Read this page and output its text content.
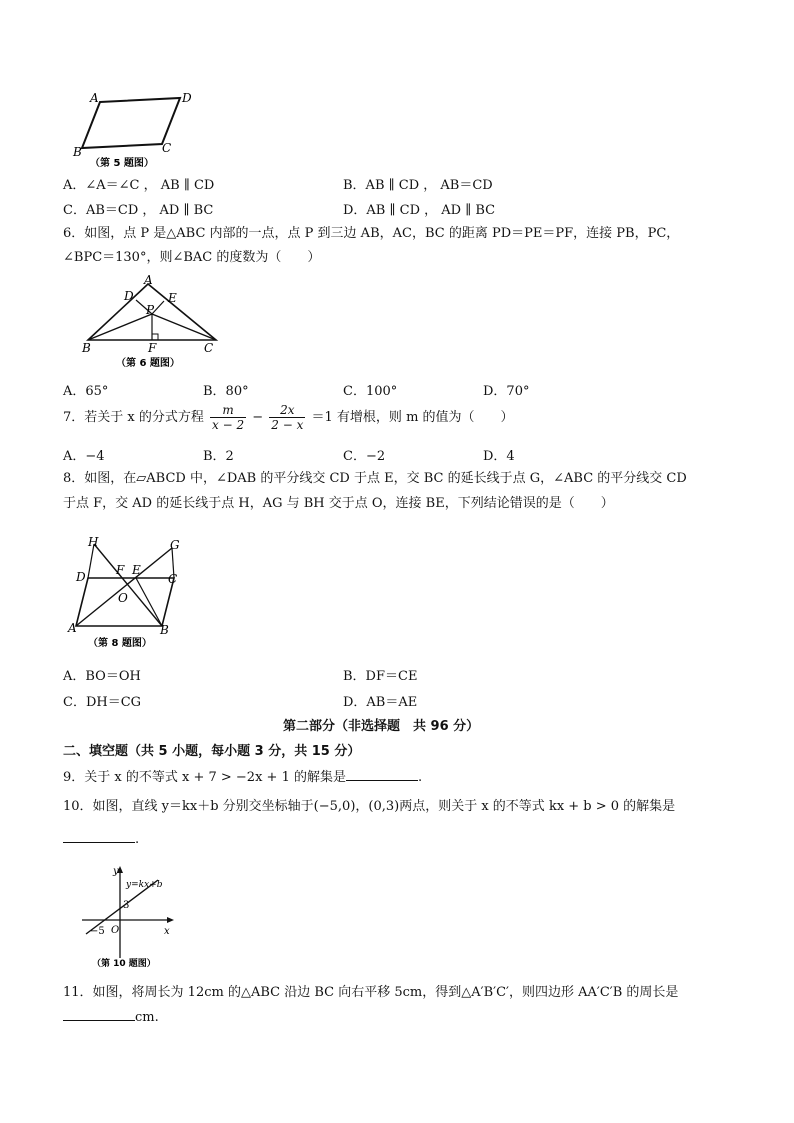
A	D
B	C
（第 5 题图）
A．∠A＝∠C ， AB ∥ CD	B．AB ∥ CD ， AB＝CD
C．AB＝CD ， AD ∥ BC	D．AB ∥ CD ， AD ∥ BC
6．如图，点 P 是△ABC 内部的一点，点 P 到三边 AB，AC，BC 的距离 PD＝PE＝PF，连接 PB，PC，
∠BPC＝130°，则∠BAC 的度数为（　　）
A
D	E
P
B	F	C
（第 6 题图）
A．65°	B．80°	C．100°	D．70°
7．若关于 x 的分式方程 $\frac{m}{x - 2} - \frac{2x}{2 - x} =1$ 有增根，则 m 的值为（　　）
A．−4	B．2	C．−2	D．4
8．如图，在▱ABCD 中，∠DAB 的平分线交 CD 于点 E，交 BC 的延长线于点 G，∠ABC 的平分线交 CD
于点 F，交 AD 的延长线于点 H，AG 与 BH 交于点 O，连接 BE，下列结论错误的是（　　）
H	G
D	F E
C
O
A	B
（第 8 题图）
A．BO＝OH	B．DF＝CE
C．DH＝CG	D．AB＝AE
第二部分（非选择题　共 96 分）
二、填空题（共 5 小题，每小题 3 分，共 15 分）
9．关于 x 的不等式 x + 7 > −2x + 1 的解集是	.
10．如图，直线 y＝kx＋b 分别交坐标轴于(−5,0)，(0,3)两点，则关于 x 的不等式 kx + b > 0 的解集是
.
y
x
y=kx+b
3
−5 O
（第 10 题图）
11．如图，将周长为 12cm 的△ABC 沿边 BC 向右平移 5cm，得到△A′B′C′，则四边形 AA′C′B 的周长是
cm.
